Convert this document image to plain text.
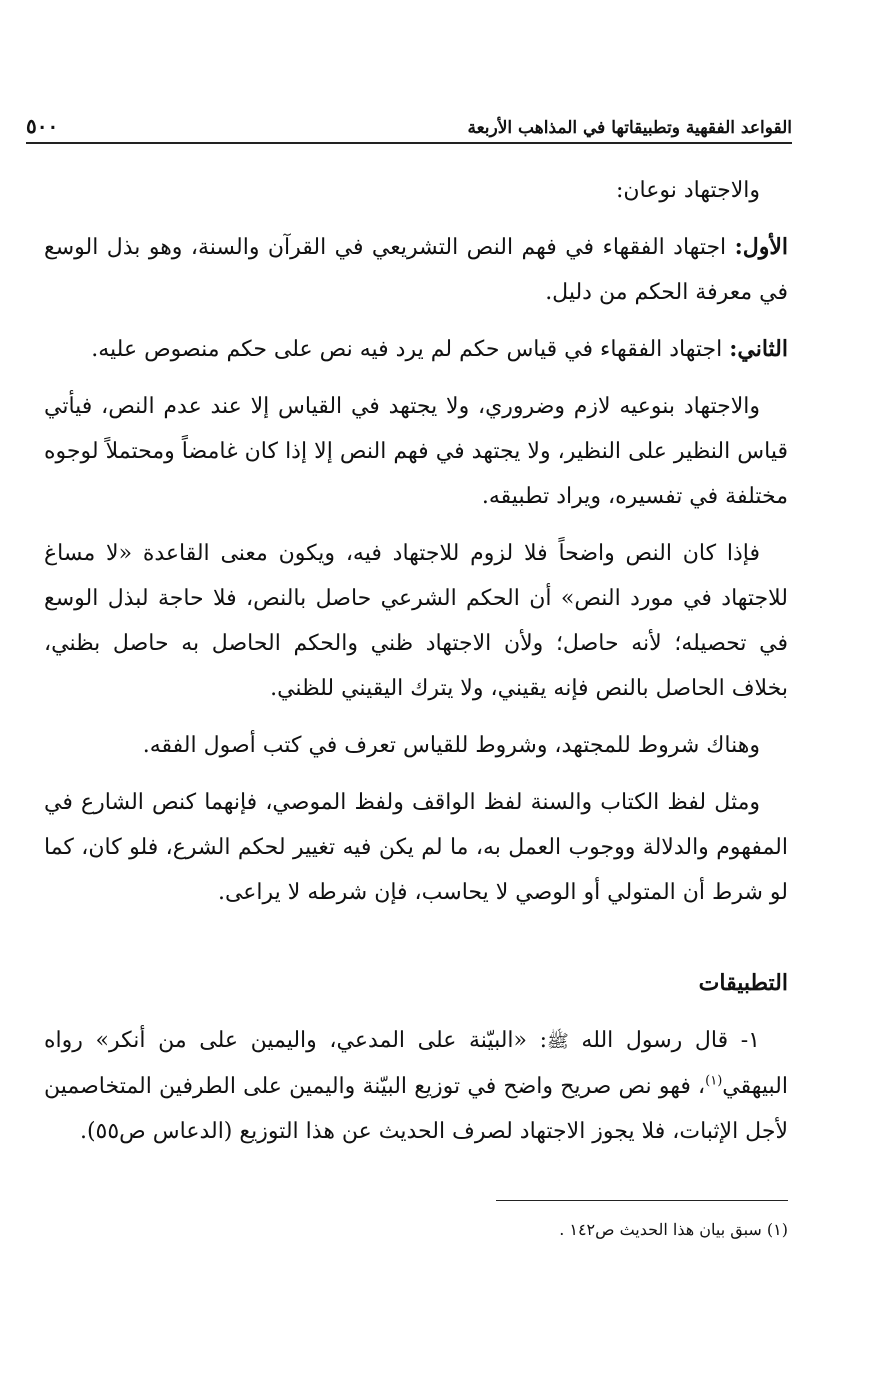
القواعد الفقهية وتطبيقاتها في المذاهب الأربعة
٥٠٠

والاجتهاد نوعان:

الأول: اجتهاد الفقهاء في فهم النص التشريعي في القرآن والسنة، وهو بذل الوسع في معرفة الحكم من دليل.

الثاني: اجتهاد الفقهاء في قياس حكم لم يرد فيه نص على حكم منصوص عليه.

والاجتهاد بنوعيه لازم وضروري، ولا يجتهد في القياس إلا عند عدم النص، فيأتي قياس النظير على النظير، ولا يجتهد في فهم النص إلا إذا كان غامضاً ومحتملاً لوجوه مختلفة في تفسيره، ويراد تطبيقه.

فإذا كان النص واضحاً فلا لزوم للاجتهاد فيه، ويكون معنى القاعدة «لا مساغ للاجتهاد في مورد النص» أن الحكم الشرعي حاصل بالنص، فلا حاجة لبذل الوسع في تحصيله؛ لأنه حاصل؛ ولأن الاجتهاد ظني والحكم الحاصل به حاصل بظني، بخلاف الحاصل بالنص فإنه يقيني، ولا يترك اليقيني للظني.

وهناك شروط للمجتهد، وشروط للقياس تعرف في كتب أصول الفقه.

ومثل لفظ الكتاب والسنة لفظ الواقف ولفظ الموصي، فإنهما كنص الشارع في المفهوم والدلالة ووجوب العمل به، ما لم يكن فيه تغيير لحكم الشرع، فلو كان، كما لو شرط أن المتولي أو الوصي لا يحاسب، فإن شرطه لا يراعى.

التطبيقات

١- قال رسول الله ﷺ: «البيّنة على المدعي، واليمين على من أنكر» رواه البيهقي$^{(١)}$، فهو نص صريح واضح في توزيع البيّنة واليمين على الطرفين المتخاصمين لأجل الإثبات، فلا يجوز الاجتهاد لصرف الحديث عن هذا التوزيع (الدعاس ص٥٥).

(١) سبق بيان هذا الحديث ص١٤٢ .
